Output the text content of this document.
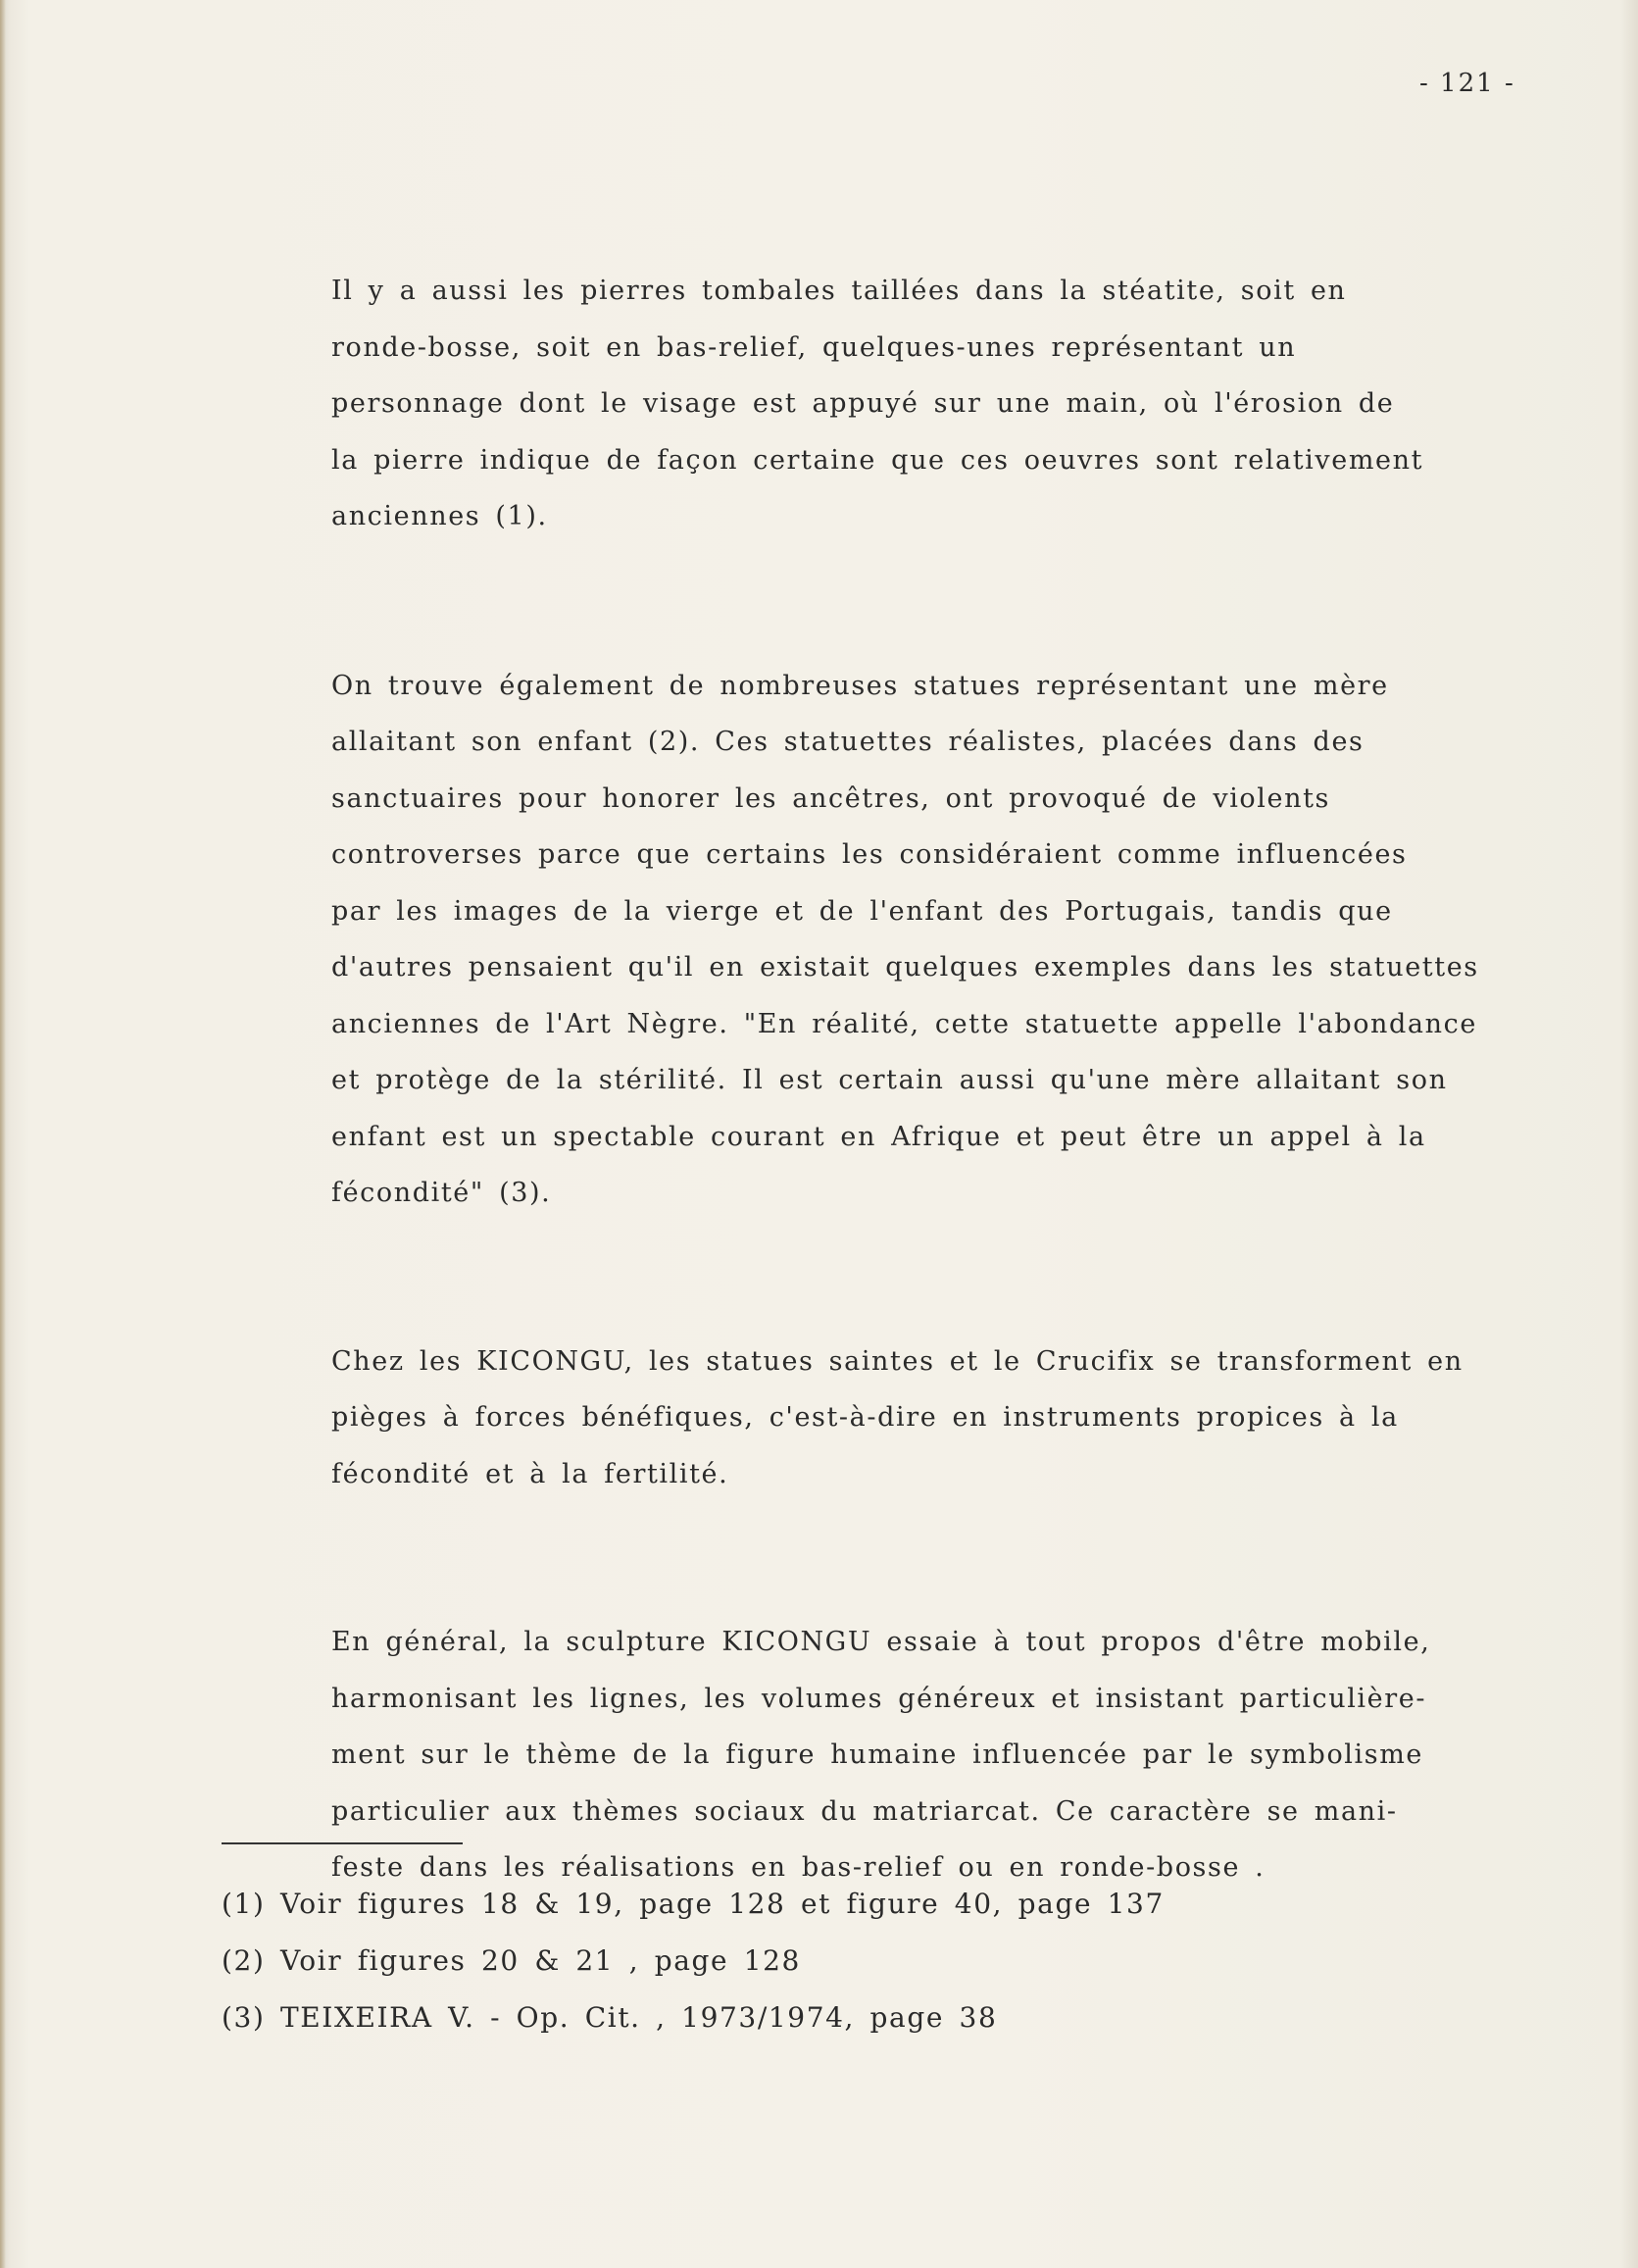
- 121 -

Il y a aussi les pierres tombales taillées dans la stéatite, soit en
ronde-bosse, soit en bas-relief, quelques-unes représentant un
personnage dont le visage est appuyé sur une main, où l'érosion de
la pierre indique de façon certaine que ces oeuvres sont relativement
anciennes (1).

On trouve également de nombreuses statues représentant une mère
allaitant son enfant (2). Ces statuettes réalistes, placées dans des
sanctuaires pour honorer les ancêtres, ont provoqué de violents
controverses parce que certains les considéraient comme influencées
par les images de la vierge et de l'enfant des Portugais, tandis que
d'autres pensaient qu'il en existait quelques exemples dans les statuettes
anciennes de l'Art Nègre. "En réalité, cette statuette appelle l'abondance
et protège de la stérilité. Il est certain aussi qu'une mère allaitant son
enfant est un spectable courant en Afrique et peut être un appel à la
fécondité" (3).

Chez les KICONGU, les statues saintes et le Crucifix se transforment en
pièges à forces bénéfiques, c'est-à-dire en instruments propices à la
fécondité et à la fertilité.

En général, la sculpture KICONGU essaie à tout propos d'être mobile,
harmonisant les lignes, les volumes généreux et insistant particulière-
ment sur le thème de la figure humaine influencée par le symbolisme
particulier aux thèmes sociaux du matriarcat. Ce caractère se mani-
feste dans les réalisations en bas-relief ou en ronde-bosse .

(1) Voir figures 18 & 19, page 128 et figure 40, page 137
(2) Voir figures 20 & 21 , page 128
(3) TEIXEIRA V. - Op. Cit. , 1973/1974, page 38
